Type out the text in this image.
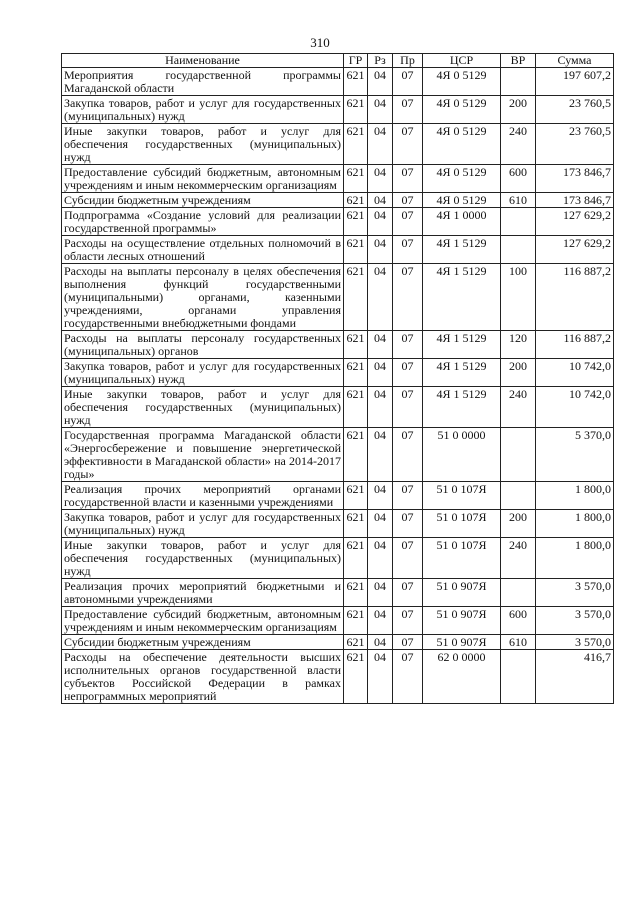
310
Наименование	ГР	Рз	Пр	ЦСР	ВР	Сумма
Мероприятия государственной программы Магаданской области	621	04	07	4Я 0 5129		197 607,2
Закупка товаров, работ и услуг для государственных (муниципальных) нужд	621	04	07	4Я 0 5129	200	23 760,5
Иные закупки товаров, работ и услуг для обеспечения государственных (муниципальных) нужд	621	04	07	4Я 0 5129	240	23 760,5
Предоставление субсидий бюджетным, автономным учреждениям и иным некоммерческим организациям	621	04	07	4Я 0 5129	600	173 846,7
Субсидии бюджетным учреждениям	621	04	07	4Я 0 5129	610	173 846,7
Подпрограмма «Создание условий для реализации государственной программы»	621	04	07	4Я 1 0000		127 629,2
Расходы на осуществление отдельных полномочий в области лесных отношений	621	04	07	4Я 1 5129		127 629,2
Расходы на выплаты персоналу в целях обеспечения выполнения функций государственными (муниципальными) органами, казенными учреждениями, органами управления государственными внебюджетными фондами	621	04	07	4Я 1 5129	100	116 887,2
Расходы на выплаты персоналу государственных (муниципальных) органов	621	04	07	4Я 1 5129	120	116 887,2
Закупка товаров, работ и услуг для государственных (муниципальных) нужд	621	04	07	4Я 1 5129	200	10 742,0
Иные закупки товаров, работ и услуг для обеспечения государственных (муниципальных) нужд	621	04	07	4Я 1 5129	240	10 742,0
Государственная программа Магаданской области «Энергосбережение и повышение энергетической эффективности в Магаданской области» на 2014-2017 годы»	621	04	07	51 0 0000		5 370,0
Реализация прочих мероприятий органами государственной власти и казенными учреждениями	621	04	07	51 0 107Я		1 800,0
Закупка товаров, работ и услуг для государственных (муниципальных) нужд	621	04	07	51 0 107Я	200	1 800,0
Иные закупки товаров, работ и услуг для обеспечения государственных (муниципальных) нужд	621	04	07	51 0 107Я	240	1 800,0
Реализация прочих мероприятий бюджетными и автономными учреждениями	621	04	07	51 0 907Я		3 570,0
Предоставление субсидий бюджетным, автономным учреждениям и иным некоммерческим организациям	621	04	07	51 0 907Я	600	3 570,0
Субсидии бюджетным учреждениям	621	04	07	51 0 907Я	610	3 570,0
Расходы на обеспечение деятельности высших исполнительных органов государственной власти субъектов Российской Федерации в рамках непрограммных мероприятий	621	04	07	62 0 0000		416,7
